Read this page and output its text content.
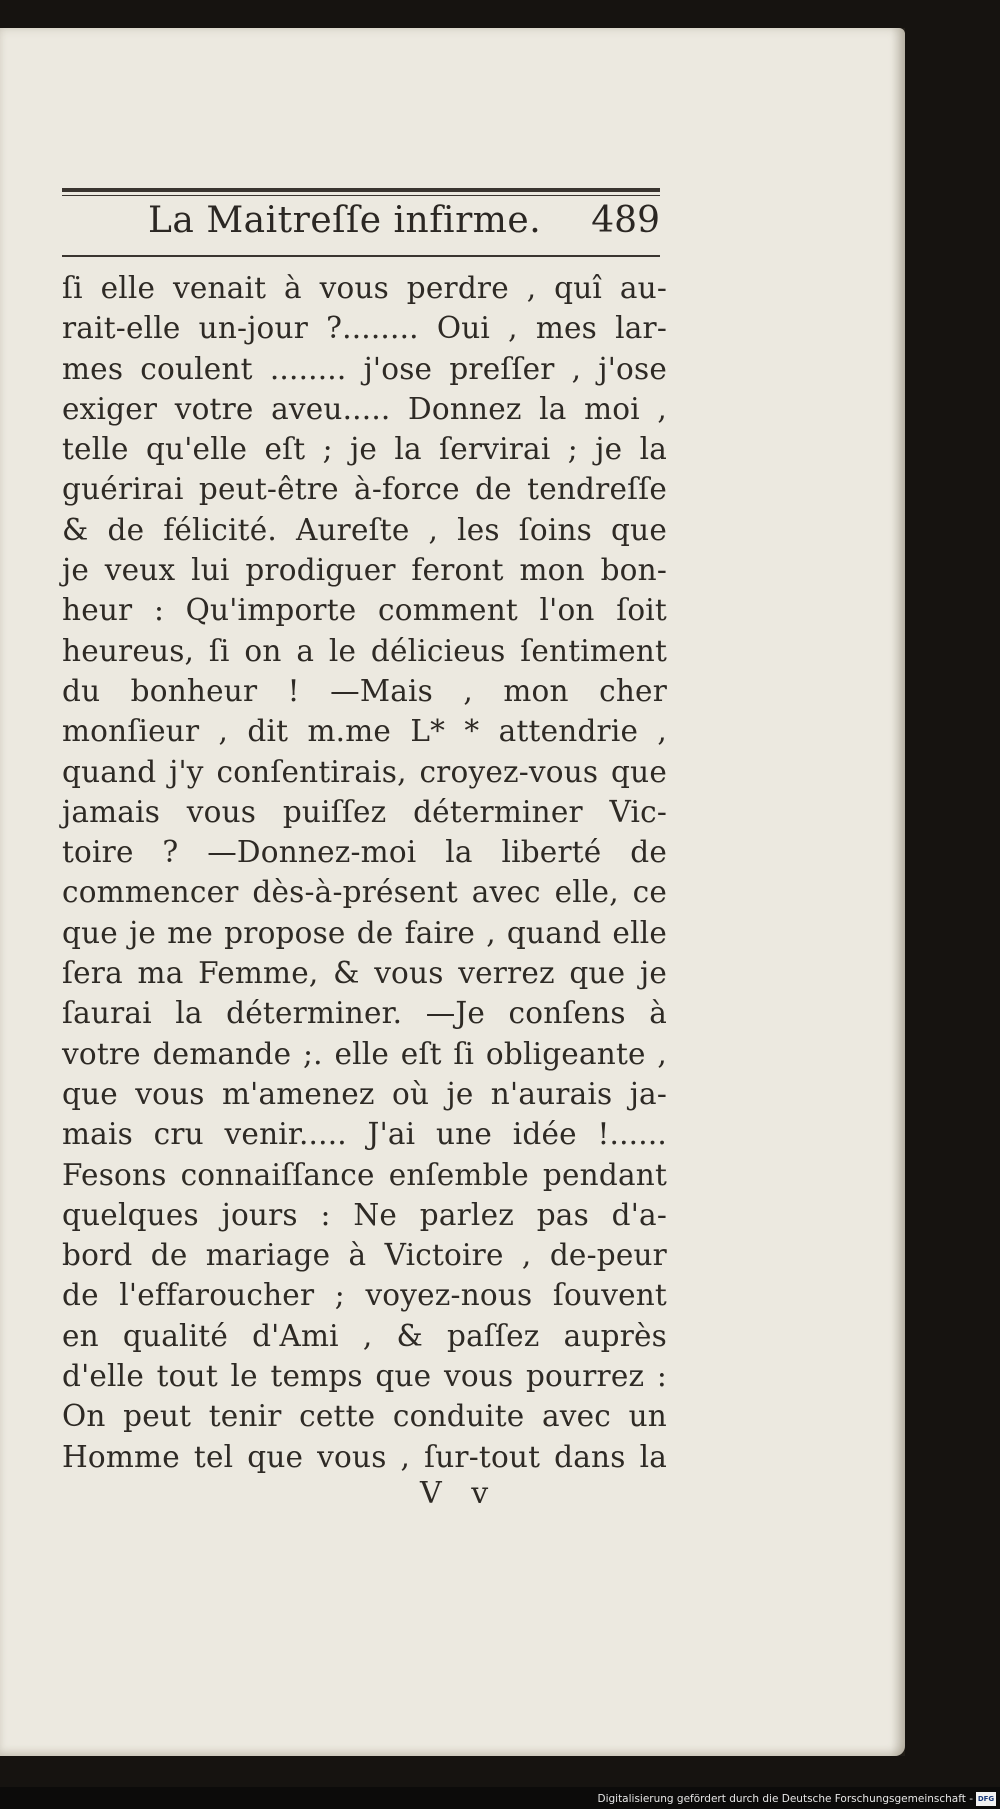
La Maitreſſe infirme. 489
ſi elle venait à vous perdre , quî au-
rait-elle un-jour ?........ Oui , mes lar-
mes coulent ........ j'ose preſſer , j'ose
exiger votre aveu..... Donnez la moi ,
telle qu'elle eſt ; je la ſervirai ; je la
guérirai peut-être à-force de tendreſſe
& de félicité. Aureſte , les ſoins que
je veux lui prodiguer feront mon bon-
heur : Qu'importe comment l'on ſoit
heureus, ſi on a le délicieus ſentiment
du bonheur ! —Mais , mon cher
monſieur , dit m.me L* * attendrie ,
quand j'y conſentirais, croyez-vous que
jamais vous puiſſez déterminer Vic-
toire ? —Donnez-moi la liberté de
commencer dès-à-présent avec elle, ce
que je me propose de faire , quand elle
ſera ma Femme, & vous verrez que je
ſaurai la déterminer. —Je conſens à
votre demande ;. elle eſt ſi obligeante ,
que vous m'amenez où je n'aurais ja-
mais cru venir..... J'ai une idée !......
Fesons connaiſſance enſemble pendant
quelques jours : Ne parlez pas d'a-
bord de mariage à Victoire , de-peur
de l'effaroucher ; voyez-nous ſouvent
en qualité d'Ami , & paſſez auprès
d'elle tout le temps que vous pourrez :
On peut tenir cette conduite avec un
Homme tel que vous , ſur-tout dans la
V v
Digitalisierung gefördert durch die Deutsche Forschungsgemeinschaft - DFG
